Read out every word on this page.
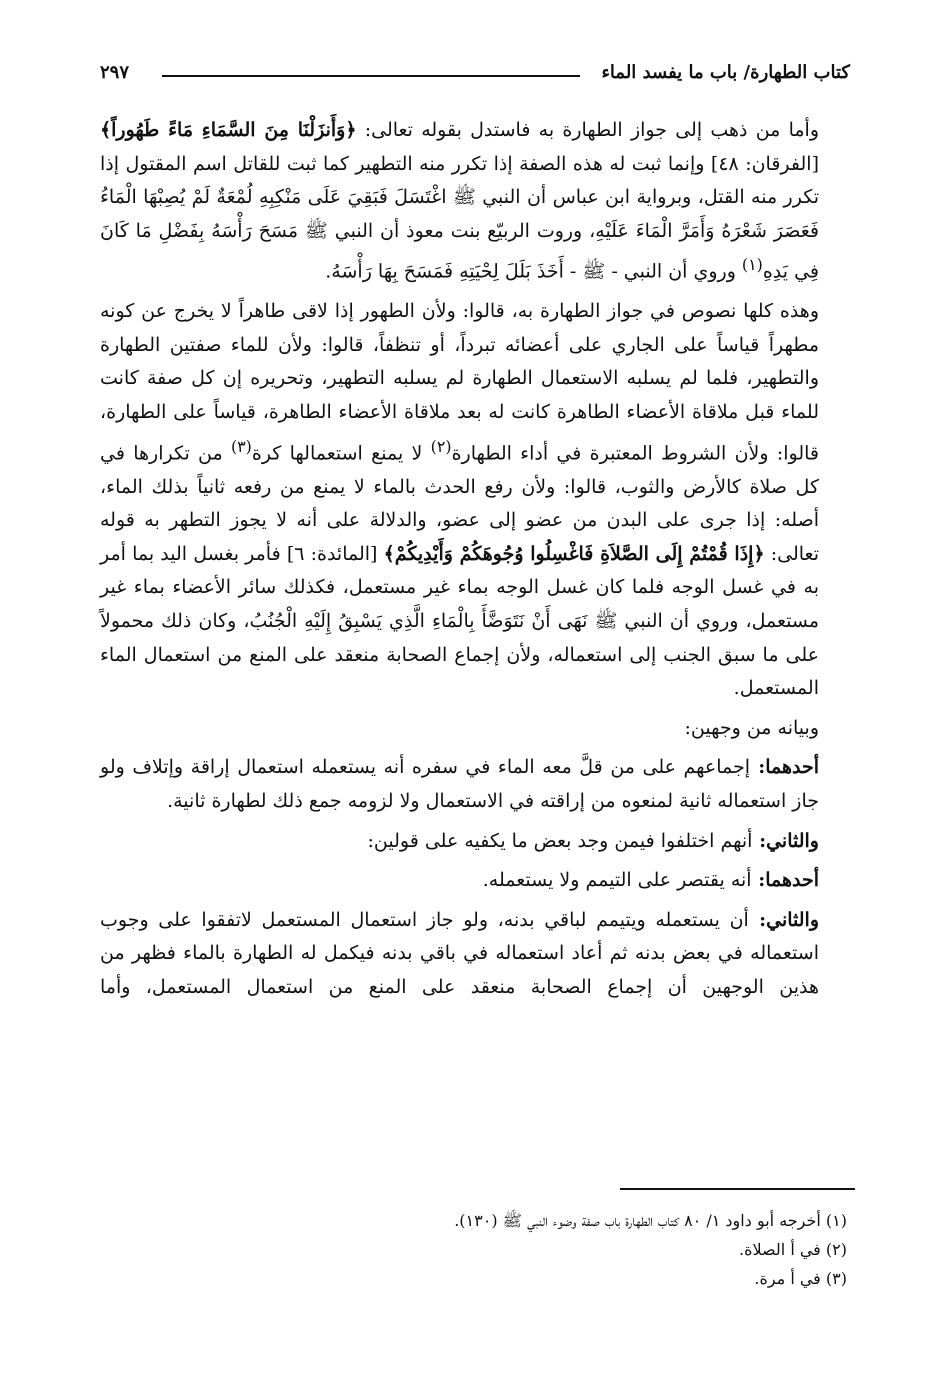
كتاب الطهارة/ باب ما يفسد الماء
٢٩٧

وأما من ذهب إلى جواز الطهارة به فاستدل بقوله تعالى: ﴿وَأَنزَلْنَا مِنَ السَّمَاءِ مَاءً طَهُوراً﴾ [الفرقان: ٤٨] وإنما ثبت له هذه الصفة إذا تكرر منه التطهير كما ثبت للقاتل اسم المقتول إذا تكرر منه القتل، وبرواية ابن عباس أن النبي ﷺ اغْتَسَلَ فَبَقِيَ عَلَى مَنْكِبِهِ لُمْعَةٌ لَمْ يُصِبْهَا الْمَاءُ فَعَصَرَ شَعْرَهُ وَأَمَرَّ الْمَاءَ عَلَيْهِ، وروت الربيّع بنت معوذ أن النبي ﷺ مَسَحَ رَأْسَهُ بِفَضْلِ مَا كَانَ فِي يَدِهِ$^{(١)}$ وروي أن النبي - ﷺ - أَخَذَ بَلَلَ لِحْيَتِهِ فَمَسَحَ بِهَا رَأْسَهُ.

وهذه كلها نصوص في جواز الطهارة به، قالوا: ولأن الطهور إذا لاقى طاهراً لا يخرج عن كونه مطهراً قياساً على الجاري على أعضائه تبرداً، أو تنظفاً، قالوا: ولأن للماء صفتين الطهارة والتطهير، فلما لم يسلبه الاستعمال الطهارة لم يسلبه التطهير، وتحريره إن كل صفة كانت للماء قبل ملاقاة الأعضاء الطاهرة كانت له بعد ملاقاة الأعضاء الطاهرة، قياساً على الطهارة، قالوا: ولأن الشروط المعتبرة في أداء الطهارة$^{(٢)}$ لا يمنع استعمالها كرة$^{(٣)}$ من تكرارها في كل صلاة كالأرض والثوب، قالوا: ولأن رفع الحدث بالماء لا يمنع من رفعه ثانياً بذلك الماء، أصله: إذا جرى على البدن من عضو إلى عضو، والدلالة على أنه لا يجوز التطهر به قوله تعالى: ﴿إِذَا قُمْتُمْ إِلَى الصَّلاَةِ فَاغْسِلُوا وُجُوهَكُمْ وَأَيْدِيكُمْ﴾ [المائدة: ٦] فأمر بغسل اليد بما أمر به في غسل الوجه فلما كان غسل الوجه بماء غير مستعمل، فكذلك سائر الأعضاء بماء غير مستعمل، وروي أن النبي ﷺ نَهَى أَنْ نَتَوَضَّأَ بِالْمَاءِ الَّذِي يَسْبِقُ إِلَيْهِ الْجُنُبُ، وكان ذلك محمولاً على ما سبق الجنب إلى استعماله، ولأن إجماع الصحابة منعقد على المنع من استعمال الماء المستعمل.

وبيانه من وجهين:

أحدهما: إجماعهم على من قلَّ معه الماء في سفره أنه يستعمله استعمال إراقة وإتلاف ولو جاز استعماله ثانية لمنعوه من إراقته في الاستعمال ولا لزومه جمع ذلك لطهارة ثانية.

والثاني: أنهم اختلفوا فيمن وجد بعض ما يكفيه على قولين:

أحدهما: أنه يقتصر على التيمم ولا يستعمله.

والثاني: أن يستعمله ويتيمم لباقي بدنه، ولو جاز استعمال المستعمل لاتفقوا على وجوب استعماله في بعض بدنه ثم أعاد استعماله في باقي بدنه فيكمل له الطهارة بالماء فظهر من هذين الوجهين أن إجماع الصحابة منعقد على المنع من استعمال المستعمل، وأما

(١) أخرجه أبو داود ١/ ٨٠ كتاب الطهارة باب صفة وضوء النبي ﷺ (١٣٠).
(٢) في أ الصلاة.
(٣) في أ مرة.
